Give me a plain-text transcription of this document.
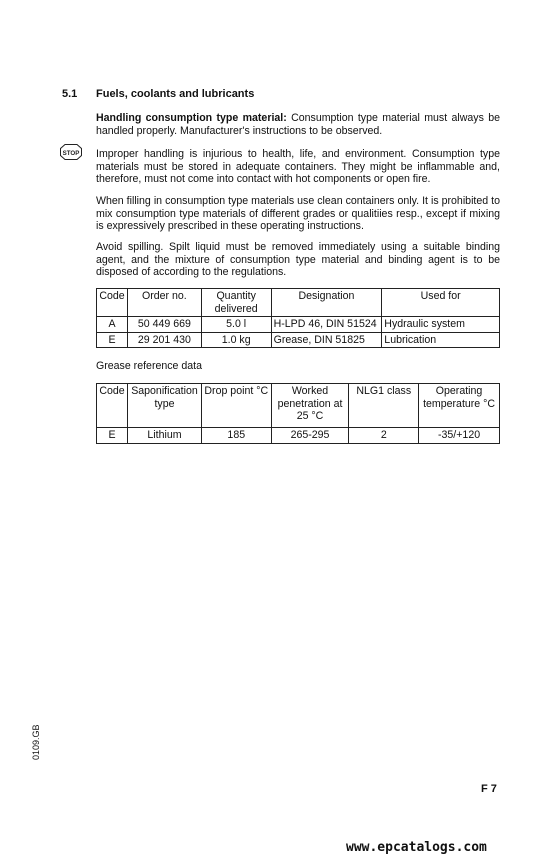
5.1 Fuels, coolants and lubricants
Handling consumption type material: Consumption type material must always be handled properly. Manufacturer's instructions to be observed.
STOP Improper handling is injurious to health, life, and environment. Consumption type materials must be stored in adequate containers. They might be inflammable and, therefore, must not come into contact with hot components or open fire.
When filling in consumption type materials use clean containers only. It is prohibited to mix consumption type materials of different grades or qualitiies resp., except if mixing is expressively prescribed in these operating instructions.
Avoid spilling. Spilt liquid must be removed immediately using a suitable binding agent, and the mixture of consumption type material and binding agent is to be disposed of according to the regulations.
Code	Order no.	Quantity delivered	Designation	Used for
A	50 449 669	5.0 l	H-LPD 46, DIN 51524	Hydraulic system
E	29 201 430	1.0 kg	Grease, DIN 51825	Lubrication
Grease reference data
Code	Saponification type	Drop point °C	Worked penetration at 25 °C	NLG1 class	Operating temperature °C
E	Lithium	185	265-295	2	-35/+120
0109.GB
F 7
www.epcatalogs.com
